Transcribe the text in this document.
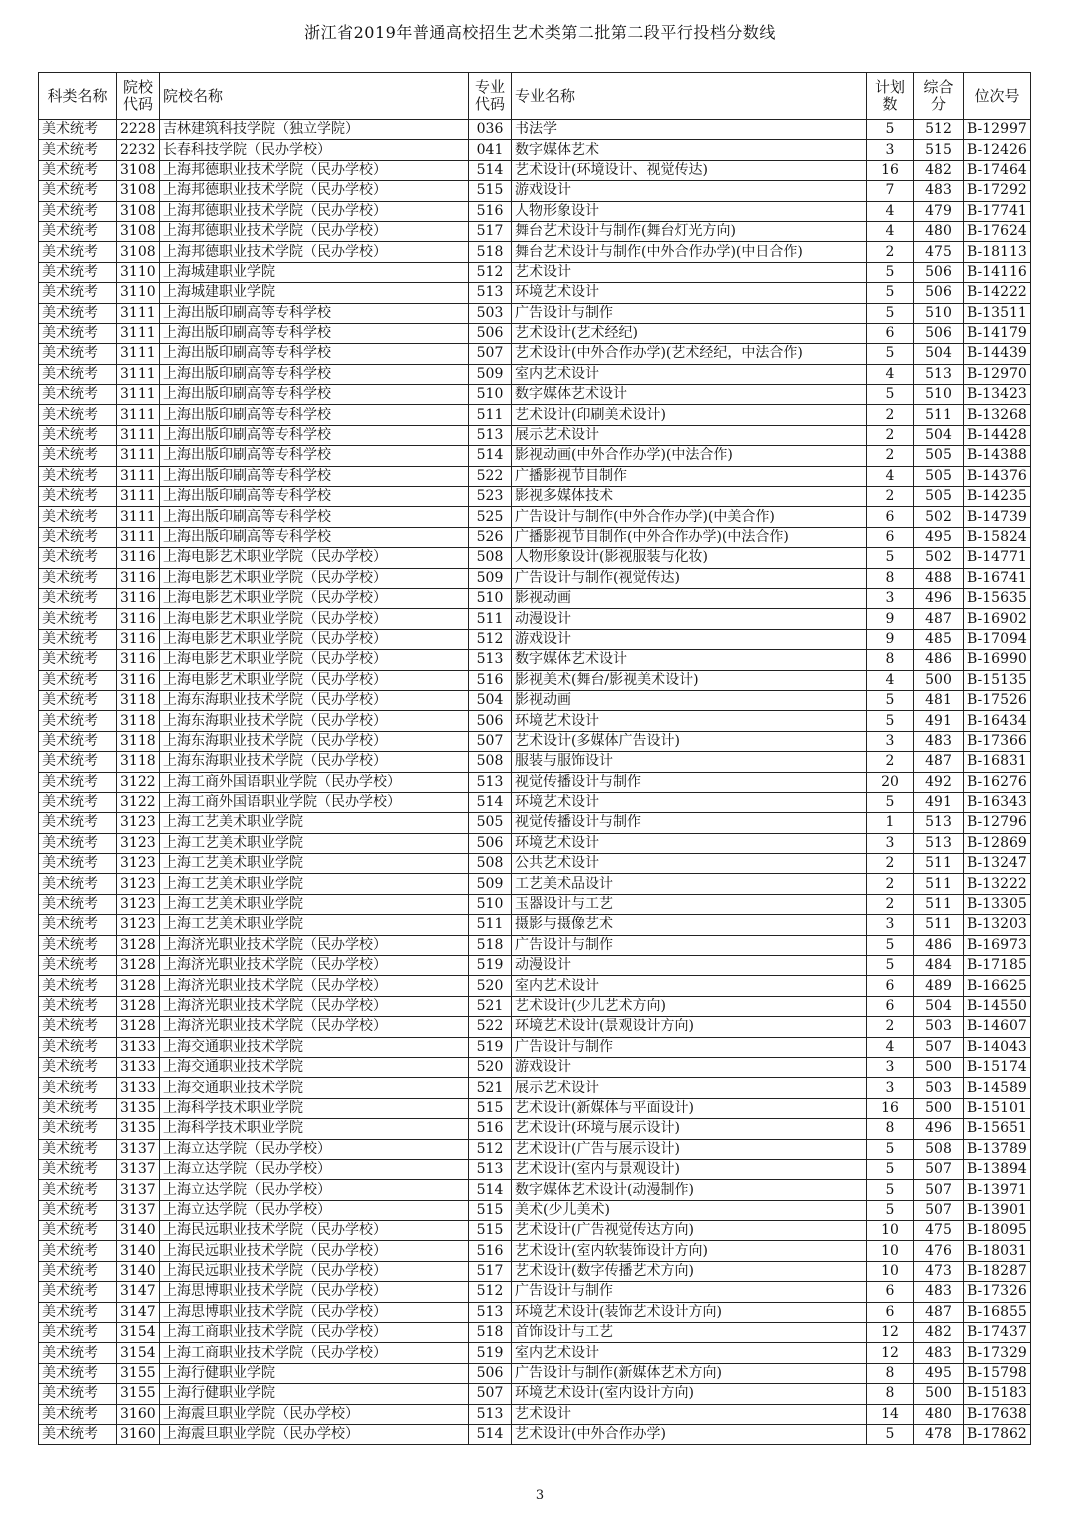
浙江省2019年普通高校招生艺术类第二批第二段平行投档分数线
科类名称	院校代码	院校名称	专业代码	专业名称	计划数	综合分	位次号
美术统考	2228	吉林建筑科技学院（独立学院）	036	书法学	5	512	B-12997
美术统考	2232	长春科技学院（民办学校）	041	数字媒体艺术	3	515	B-12426
美术统考	3108	上海邦德职业技术学院（民办学校）	514	艺术设计(环境设计、视觉传达)	16	482	B-17464
美术统考	3108	上海邦德职业技术学院（民办学校）	515	游戏设计	7	483	B-17292
美术统考	3108	上海邦德职业技术学院（民办学校）	516	人物形象设计	4	479	B-17741
美术统考	3108	上海邦德职业技术学院（民办学校）	517	舞台艺术设计与制作(舞台灯光方向)	4	480	B-17624
美术统考	3108	上海邦德职业技术学院（民办学校）	518	舞台艺术设计与制作(中外合作办学)(中日合作)	2	475	B-18113
美术统考	3110	上海城建职业学院	512	艺术设计	5	506	B-14116
美术统考	3110	上海城建职业学院	513	环境艺术设计	5	506	B-14222
美术统考	3111	上海出版印刷高等专科学校	503	广告设计与制作	5	510	B-13511
美术统考	3111	上海出版印刷高等专科学校	506	艺术设计(艺术经纪)	6	506	B-14179
美术统考	3111	上海出版印刷高等专科学校	507	艺术设计(中外合作办学)(艺术经纪，中法合作)	5	504	B-14439
美术统考	3111	上海出版印刷高等专科学校	509	室内艺术设计	4	513	B-12970
美术统考	3111	上海出版印刷高等专科学校	510	数字媒体艺术设计	5	510	B-13423
美术统考	3111	上海出版印刷高等专科学校	511	艺术设计(印刷美术设计)	2	511	B-13268
美术统考	3111	上海出版印刷高等专科学校	513	展示艺术设计	2	504	B-14428
美术统考	3111	上海出版印刷高等专科学校	514	影视动画(中外合作办学)(中法合作)	2	505	B-14388
美术统考	3111	上海出版印刷高等专科学校	522	广播影视节目制作	4	505	B-14376
美术统考	3111	上海出版印刷高等专科学校	523	影视多媒体技术	2	505	B-14235
美术统考	3111	上海出版印刷高等专科学校	525	广告设计与制作(中外合作办学)(中美合作)	6	502	B-14739
美术统考	3111	上海出版印刷高等专科学校	526	广播影视节目制作(中外合作办学)(中法合作)	6	495	B-15824
美术统考	3116	上海电影艺术职业学院（民办学校）	508	人物形象设计(影视服装与化妆)	5	502	B-14771
美术统考	3116	上海电影艺术职业学院（民办学校）	509	广告设计与制作(视觉传达)	8	488	B-16741
美术统考	3116	上海电影艺术职业学院（民办学校）	510	影视动画	3	496	B-15635
美术统考	3116	上海电影艺术职业学院（民办学校）	511	动漫设计	9	487	B-16902
美术统考	3116	上海电影艺术职业学院（民办学校）	512	游戏设计	9	485	B-17094
美术统考	3116	上海电影艺术职业学院（民办学校）	513	数字媒体艺术设计	8	486	B-16990
美术统考	3116	上海电影艺术职业学院（民办学校）	516	影视美术(舞台/影视美术设计)	4	500	B-15135
美术统考	3118	上海东海职业技术学院（民办学校）	504	影视动画	5	481	B-17526
美术统考	3118	上海东海职业技术学院（民办学校）	506	环境艺术设计	5	491	B-16434
美术统考	3118	上海东海职业技术学院（民办学校）	507	艺术设计(多媒体广告设计)	3	483	B-17366
美术统考	3118	上海东海职业技术学院（民办学校）	508	服装与服饰设计	2	487	B-16831
美术统考	3122	上海工商外国语职业学院（民办学校）	513	视觉传播设计与制作	20	492	B-16276
美术统考	3122	上海工商外国语职业学院（民办学校）	514	环境艺术设计	5	491	B-16343
美术统考	3123	上海工艺美术职业学院	505	视觉传播设计与制作	1	513	B-12796
美术统考	3123	上海工艺美术职业学院	506	环境艺术设计	3	513	B-12869
美术统考	3123	上海工艺美术职业学院	508	公共艺术设计	2	511	B-13247
美术统考	3123	上海工艺美术职业学院	509	工艺美术品设计	2	511	B-13222
美术统考	3123	上海工艺美术职业学院	510	玉器设计与工艺	2	511	B-13305
美术统考	3123	上海工艺美术职业学院	511	摄影与摄像艺术	3	511	B-13203
美术统考	3128	上海济光职业技术学院（民办学校）	518	广告设计与制作	5	486	B-16973
美术统考	3128	上海济光职业技术学院（民办学校）	519	动漫设计	5	484	B-17185
美术统考	3128	上海济光职业技术学院（民办学校）	520	室内艺术设计	6	489	B-16625
美术统考	3128	上海济光职业技术学院（民办学校）	521	艺术设计(少儿艺术方向)	6	504	B-14550
美术统考	3128	上海济光职业技术学院（民办学校）	522	环境艺术设计(景观设计方向)	2	503	B-14607
美术统考	3133	上海交通职业技术学院	519	广告设计与制作	4	507	B-14043
美术统考	3133	上海交通职业技术学院	520	游戏设计	3	500	B-15174
美术统考	3133	上海交通职业技术学院	521	展示艺术设计	3	503	B-14589
美术统考	3135	上海科学技术职业学院	515	艺术设计(新媒体与平面设计)	16	500	B-15101
美术统考	3135	上海科学技术职业学院	516	艺术设计(环境与展示设计)	8	496	B-15651
美术统考	3137	上海立达学院（民办学校）	512	艺术设计(广告与展示设计)	5	508	B-13789
美术统考	3137	上海立达学院（民办学校）	513	艺术设计(室内与景观设计)	5	507	B-13894
美术统考	3137	上海立达学院（民办学校）	514	数字媒体艺术设计(动漫制作)	5	507	B-13971
美术统考	3137	上海立达学院（民办学校）	515	美术(少儿美术)	5	507	B-13901
美术统考	3140	上海民远职业技术学院（民办学校）	515	艺术设计(广告视觉传达方向)	10	475	B-18095
美术统考	3140	上海民远职业技术学院（民办学校）	516	艺术设计(室内软装饰设计方向)	10	476	B-18031
美术统考	3140	上海民远职业技术学院（民办学校）	517	艺术设计(数字传播艺术方向)	10	473	B-18287
美术统考	3147	上海思博职业技术学院（民办学校）	512	广告设计与制作	6	483	B-17326
美术统考	3147	上海思博职业技术学院（民办学校）	513	环境艺术设计(装饰艺术设计方向)	6	487	B-16855
美术统考	3154	上海工商职业技术学院（民办学校）	518	首饰设计与工艺	12	482	B-17437
美术统考	3154	上海工商职业技术学院（民办学校）	519	室内艺术设计	12	483	B-17329
美术统考	3155	上海行健职业学院	506	广告设计与制作(新媒体艺术方向)	8	495	B-15798
美术统考	3155	上海行健职业学院	507	环境艺术设计(室内设计方向)	8	500	B-15183
美术统考	3160	上海震旦职业学院（民办学校）	513	艺术设计	14	480	B-17638
美术统考	3160	上海震旦职业学院（民办学校）	514	艺术设计(中外合作办学)	5	478	B-17862
3
